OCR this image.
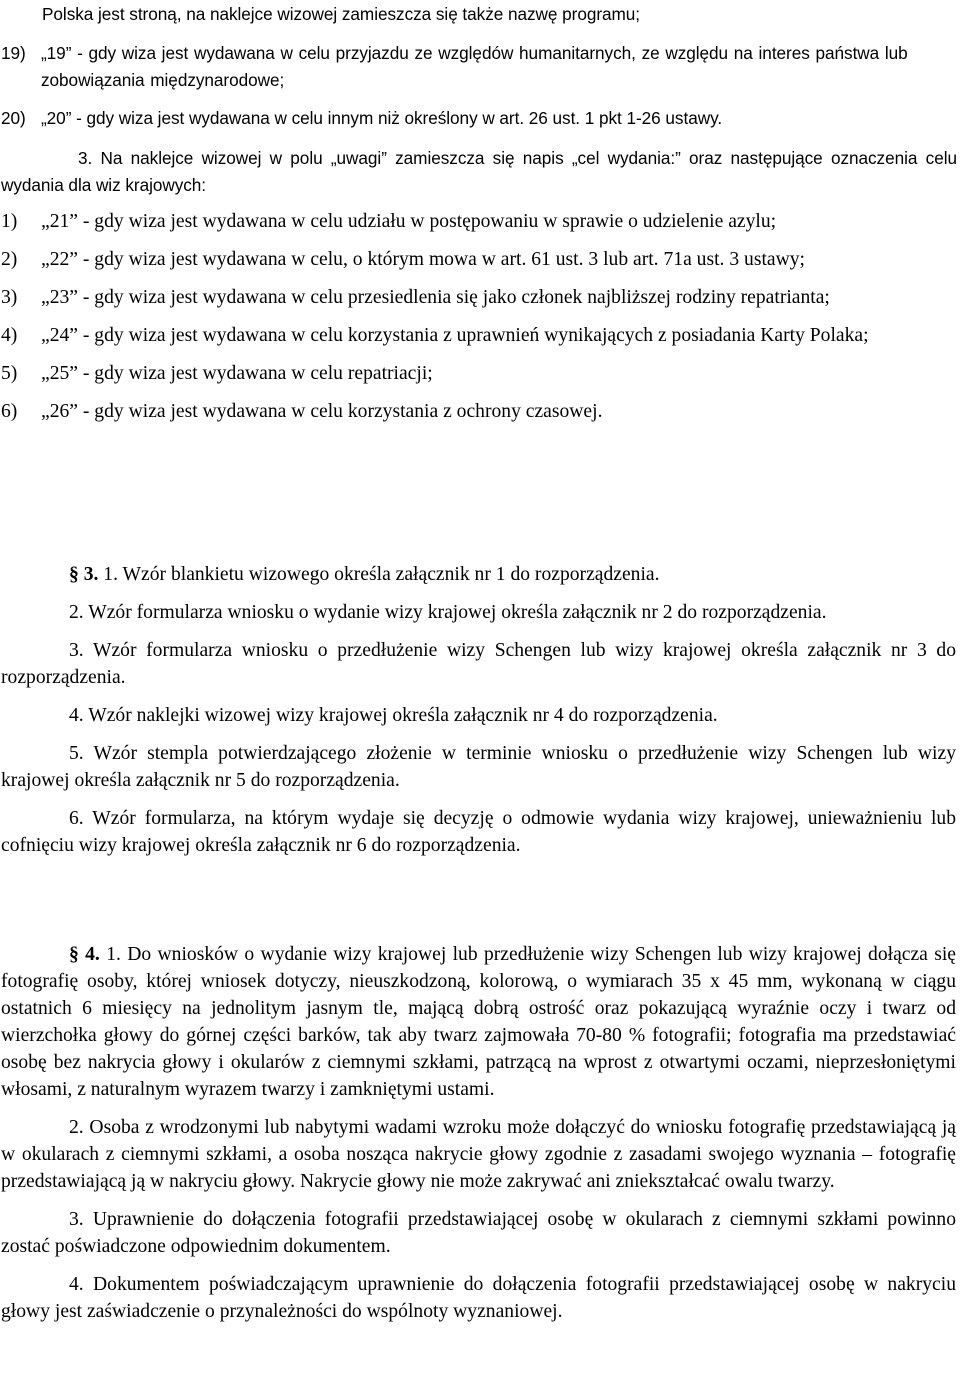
Polska jest stroną, na naklejce wizowej zamieszcza się także nazwę programu;

19) „19” - gdy wiza jest wydawana w celu przyjazdu ze względów humanitarnych, ze względu na interes państwa lub zobowiązania międzynarodowe;
20) „20” - gdy wiza jest wydawana w celu innym niż określony w art. 26 ust. 1 pkt 1-26 ustawy.

3. Na naklejce wizowej w polu „uwagi” zamieszcza się napis „cel wydania:” oraz następujące oznaczenia celu wydania dla wiz krajowych:

1)	„21” - gdy wiza jest wydawana w celu udziału w postępowaniu w sprawie o udzielenie azylu;
2)	„22” - gdy wiza jest wydawana w celu, o którym mowa w art. 61 ust. 3 lub art. 71a ust. 3 ustawy;
3)	„23” - gdy wiza jest wydawana w celu przesiedlenia się jako członek najbliższej rodziny repatrianta;
4)	„24” - gdy wiza jest wydawana w celu korzystania z uprawnień wynikających z posiadania Karty Polaka;
5)	„25” - gdy wiza jest wydawana w celu repatriacji;
6)	„26” - gdy wiza jest wydawana w celu korzystania z ochrony czasowej.

§ 3. 1. Wzór blankietu wizowego określa załącznik nr 1 do rozporządzenia.

2. Wzór formularza wniosku o wydanie wizy krajowej określa załącznik nr 2 do rozporządzenia.

3. Wzór formularza wniosku o przedłużenie wizy Schengen lub wizy krajowej określa załącznik nr 3 do rozporządzenia.

4. Wzór naklejki wizowej wizy krajowej określa załącznik nr 4 do rozporządzenia.

5. Wzór stempla potwierdzającego złożenie w terminie wniosku o przedłużenie wizy Schengen lub wizy krajowej określa załącznik nr 5 do rozporządzenia.

6. Wzór formularza, na którym wydaje się decyzję o odmowie wydania wizy krajowej, unieważnieniu lub cofnięciu wizy krajowej określa załącznik nr 6 do rozporządzenia.

§ 4. 1. Do wniosków o wydanie wizy krajowej lub przedłużenie wizy Schengen lub wizy krajowej dołącza się fotografię osoby, której wniosek dotyczy, nieuszkodzoną, kolorową, o wymiarach 35 x 45 mm, wykonaną w ciągu ostatnich 6 miesięcy na jednolitym jasnym tle, mającą dobrą ostrość oraz pokazującą wyraźnie oczy i twarz od wierzchołka głowy do górnej części barków, tak aby twarz zajmowała 70-80 % fotografii; fotografia ma przedstawiać osobę bez nakrycia głowy i okularów z ciemnymi szkłami, patrzącą na wprost z otwartymi oczami, nieprzesłoniętymi włosami, z naturalnym wyrazem twarzy i zamkniętymi ustami.

2. Osoba z wrodzonymi lub nabytymi wadami wzroku może dołączyć do wniosku fotografię przedstawiającą ją w okularach z ciemnymi szkłami, a osoba nosząca nakrycie głowy zgodnie z zasadami swojego wyznania – fotografię przedstawiającą ją w nakryciu głowy. Nakrycie głowy nie może zakrywać ani zniekształcać owalu twarzy.

3. Uprawnienie do dołączenia fotografii przedstawiającej osobę w okularach z ciemnymi szkłami powinno zostać poświadczone odpowiednim dokumentem.

4. Dokumentem poświadczającym uprawnienie do dołączenia fotografii przedstawiającej osobę w nakryciu głowy jest zaświadczenie o przynależności do wspólnoty wyznaniowej.
